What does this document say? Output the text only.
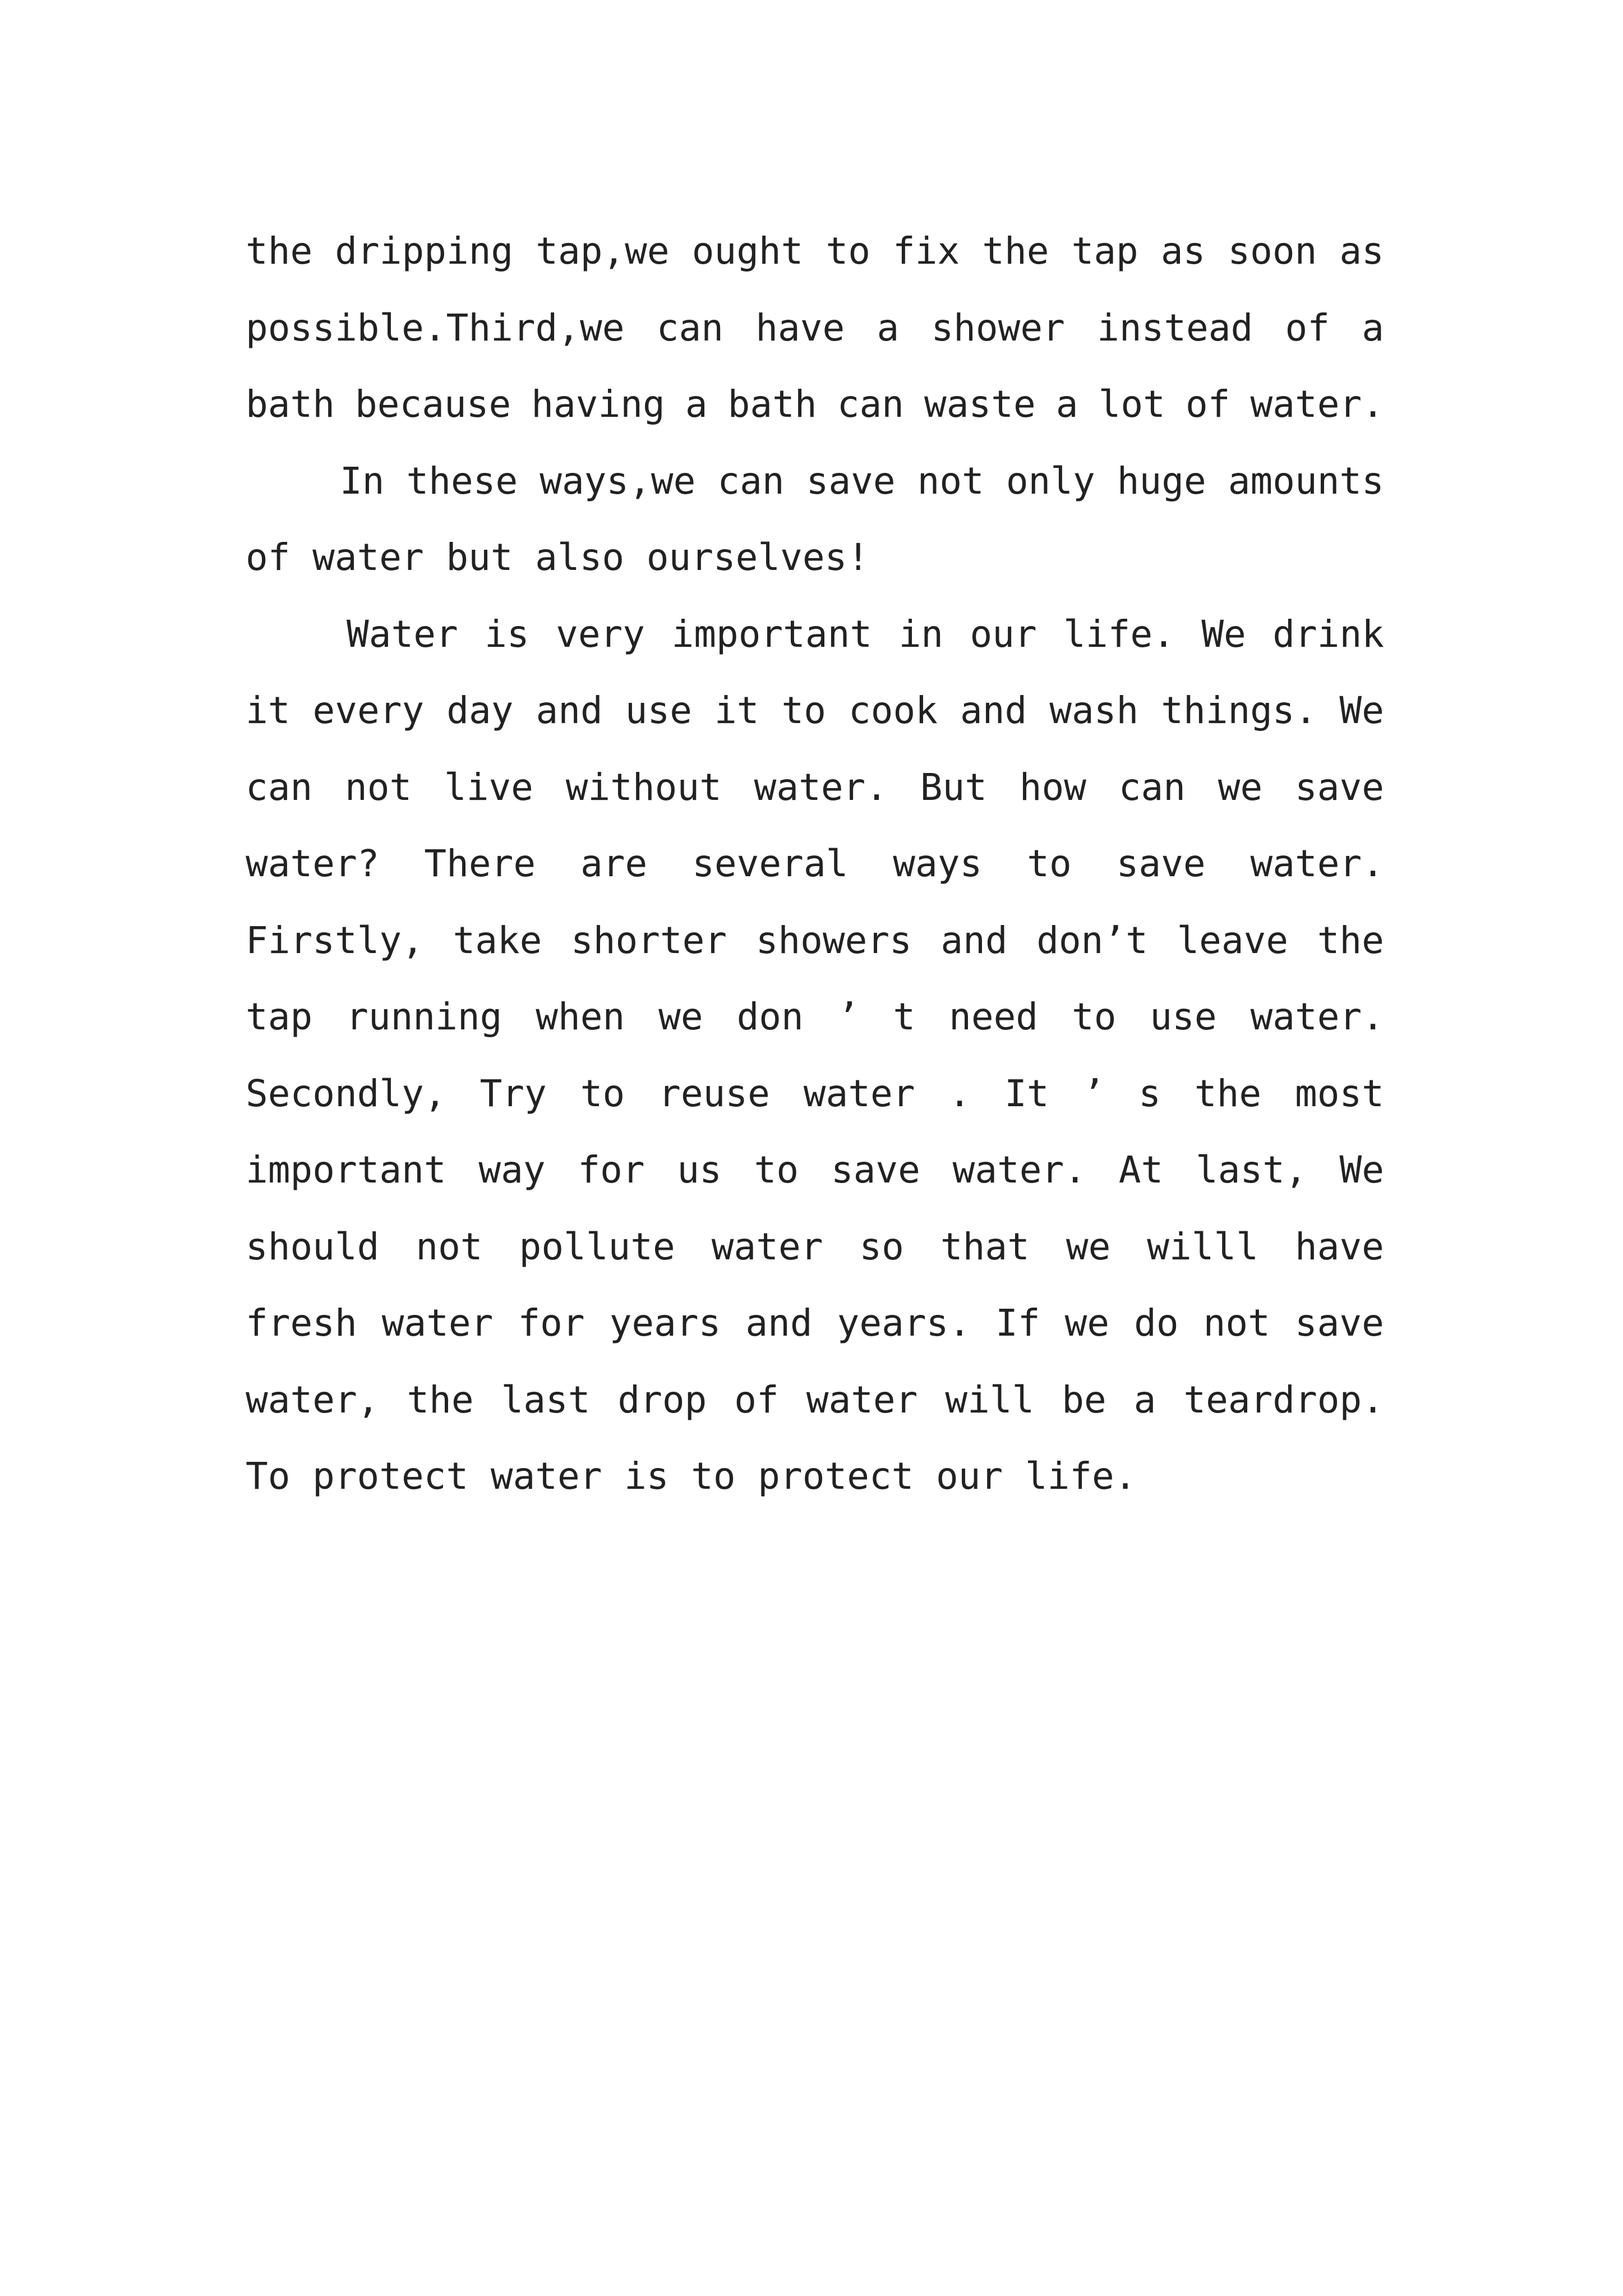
the dripping tap,we ought to fix the tap as soon as
possible.Third,we can have a shower instead of a
bath because having a bath can waste a lot of water.
In these ways,we can save not only huge amounts
of water but also ourselves!
Water is very important in our life. We drink
it every day and use it to cook and wash things. We
can not live without water. But how can we save
water? There are several ways to save water.
Firstly, take shorter showers and don’t leave the
tap running when we don ’ t need to use water.
Secondly, Try to reuse water . It ’ s the most
important way for us to save water. At last, We
should not pollute water so that we willl have
fresh water for years and years. If we do not save
water, the last drop of water will be a teardrop.
To protect water is to protect our life.
